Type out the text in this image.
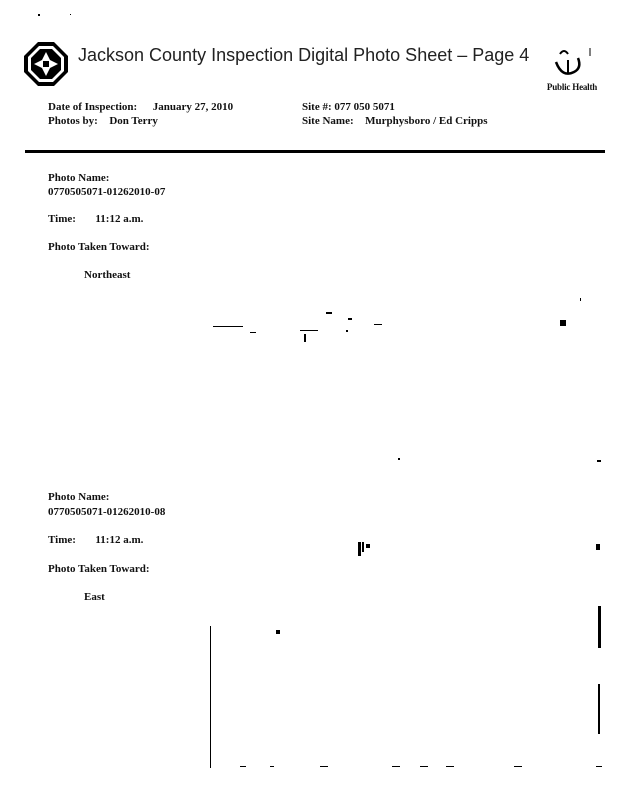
Jackson County Inspection Digital Photo Sheet – Page 4
Public Health
Date of Inspection: January 27, 2010
Photos by: Don Terry
Site #: 077 050 5071
Site Name: Murphysboro / Ed Cripps
Photo Name:
0770505071-01262010-07
Time: 11:12 a.m.
Photo Taken Toward:
Northeast
Photo Name:
0770505071-01262010-08
Time: 11:12 a.m.
Photo Taken Toward:
East
